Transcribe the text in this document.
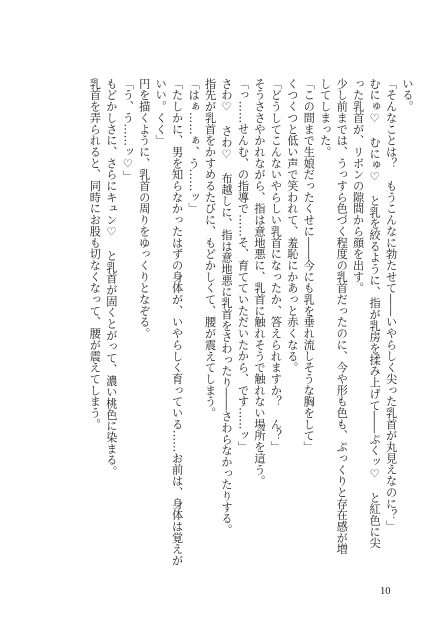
いる。
「そんなことは？　もうこんなに勃たせて――いやらしく尖った乳首が丸見えなのに？」
むにゅ♡　むにゅ♡　と乳を絞るように、指が乳房を揉み上げて――ぷくッ♡　と紅色に尖
った乳首が、リボンの隙間から顔を出す。
少し前までは、うっすら色づく程度の乳首だったのに、今や形も色も、ぷっくりと存在感が増
してしまった。
「この間まで生娘だったくせに――今にも乳を垂れ流しそうな胸をして」
くつくつと低い声で笑われて、羞恥にかあっと赤くなる。
「どうしてこんないやらしい乳首になったか、答えられますか？　ん？」
そうささやかれながら、指は意地悪に、乳首に触れそうで触れない場所を這う。
「っ……せんむ、の指導で……そ、育てていただいたから、です……ッ」
さわ♡　さわ♡　布越しに、指は意地悪に乳首をさわったり――さわらなかったりする。
指先が乳首をかすめるたびに、もどかしくて、腰が震えてしまう。
「はぁ……ぁ、う……ッ」
「たしかに、男を知らなかったはずの身体が、いやらしく育っている……お前は、身体は覚えが
いい。くく」
円を描くように、乳首の周りをゆっくりとなぞる。
「う、う……ッ♡」
もどかしさに、さらにキュン♡　と乳首が固くとがって、濃い桃色に染まる。
乳首を弄られると、同時にお股も切なくなって、腰が震えてしまう。
10
